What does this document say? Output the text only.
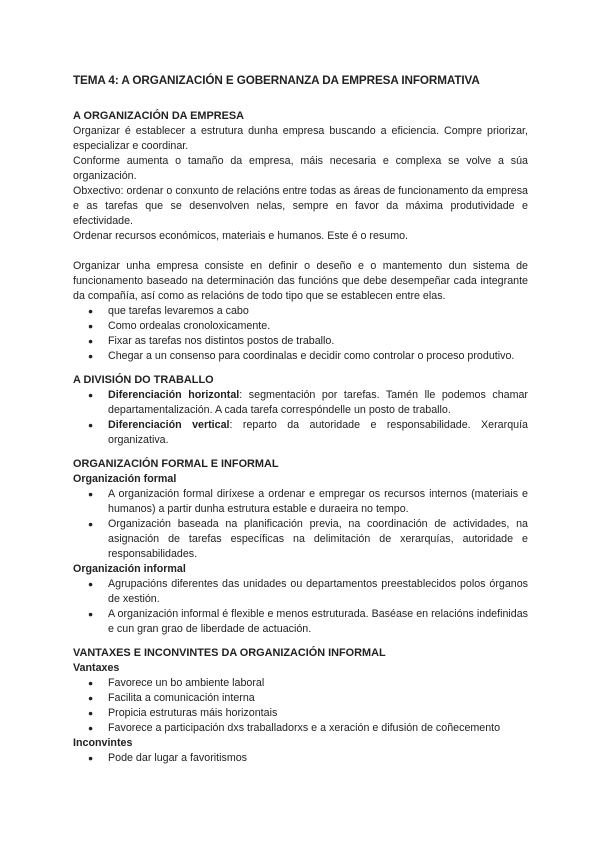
TEMA 4: A ORGANIZACIÓN E GOBERNANZA DA EMPRESA INFORMATIVA
A ORGANIZACIÓN DA EMPRESA

Organizar é establecer a estrutura dunha empresa buscando a eficiencia. Compre priorizar, especializar e coordinar.

Conforme aumenta o tamaño da empresa, máis necesaria e complexa se volve a súa organización.

Obxectivo: ordenar o conxunto de relacións entre todas as áreas de funcionamento da empresa e as tarefas que se desenvolven nelas, sempre en favor da máxima produtividade e efectividade.

Ordenar recursos económicos, materiais e humanos. Este é o resumo.

Organizar unha empresa consiste en definir o deseño e o mantemento dun sistema de funcionamento baseado na determinación das funcións que debe desempeñar cada integrante da compañía, así como as relacións de todo tipo que se establecen entre elas.

● que tarefas levaremos a cabo
● Como ordealas cronoloxicamente.
● Fixar as tarefas nos distintos postos de traballo.
● Chegar a un consenso para coordinalas e decidir como controlar o proceso produtivo.
A DIVISIÓN DO TRABALLO
● Diferenciación horizontal: segmentación por tarefas. Tamén lle podemos chamar departamentalización. A cada tarefa correspóndelle un posto de traballo.
● Diferenciación vertical: reparto da autoridade e responsabilidade. Xerarquía organizativa.
ORGANIZACIÓN FORMAL E INFORMAL
Organización formal
● A organización formal diríxese a ordenar e empregar os recursos internos (materiais e humanos) a partir dunha estrutura estable e duraeira no tempo.
● Organización baseada na planificación previa, na coordinación de actividades, na asignación de tarefas específicas na delimitación de xerarquías, autoridade e responsabilidades.
Organización informal
● Agrupacións diferentes das unidades ou departamentos preestablecidos polos órganos de xestión.
● A organización informal é flexible e menos estruturada. Baséase en relacións indefinidas e cun gran grao de liberdade de actuación.
VANTAXES E INCONVINTES DA ORGANIZACIÓN INFORMAL
Vantaxes
● Favorece un bo ambiente laboral
● Facilita a comunicación interna
● Propicia estruturas máis horizontais
● Favorece a participación dxs traballadorxs e a xeración e difusión de coñecemento
Inconvintes
● Pode dar lugar a favoritismos
